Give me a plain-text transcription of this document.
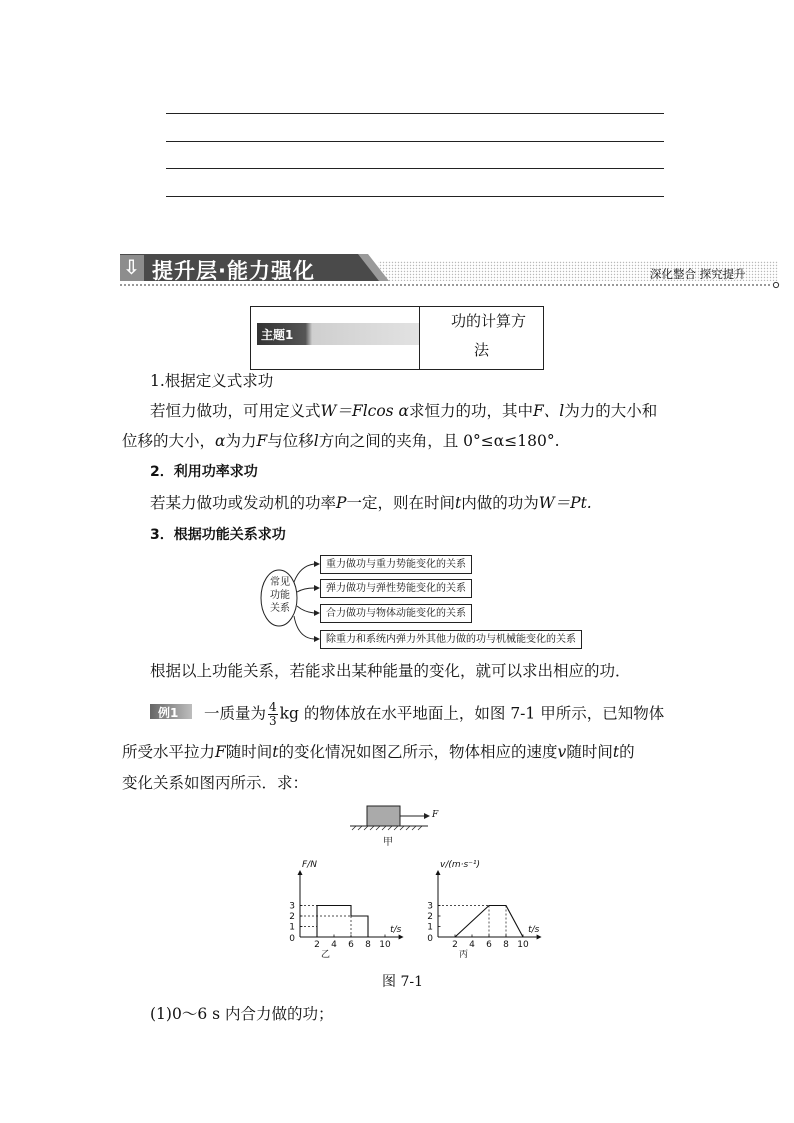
⇩ 提升层·能力强化	深化整合 探究提升
主题1
功的计算方
法
1.根据定义式求功
若恒力做功，可用定义式W＝Flcos α求恒力的功，其中F、l为力的大小和
位移的大小，α为力F与位移l方向之间的夹角，且 0°≤α≤180°.
2．利用功率求功
若某力做功或发动机的功率P一定，则在时间t内做的功为W＝Pt.
3．根据功能关系求功
常见
功能
关系
重力做功与重力势能变化的关系
弹力做功与弹性势能变化的关系
合力做功与物体动能变化的关系
除重力和系统内弹力外其他力做的功与机械能变化的关系
根据以上功能关系，若能求出某种能量的变化，就可以求出相应的功．
例1 一质量为 $\frac{4}{3}$ kg 的物体放在水平地面上，如图 7-1 甲所示，已知物体
所受水平拉力F随时间t的变化情况如图乙所示，物体相应的速度v随时间t的
变化关系如图丙所示．求：
F
甲
2 4 6 8 10
1
2
3
0
F/N
t/s
乙
2 4 6 8 10
1
2
3
0
v/(m·s⁻¹)
t/s
丙
图 7-1
(1)0～6 s 内合力做的功；
